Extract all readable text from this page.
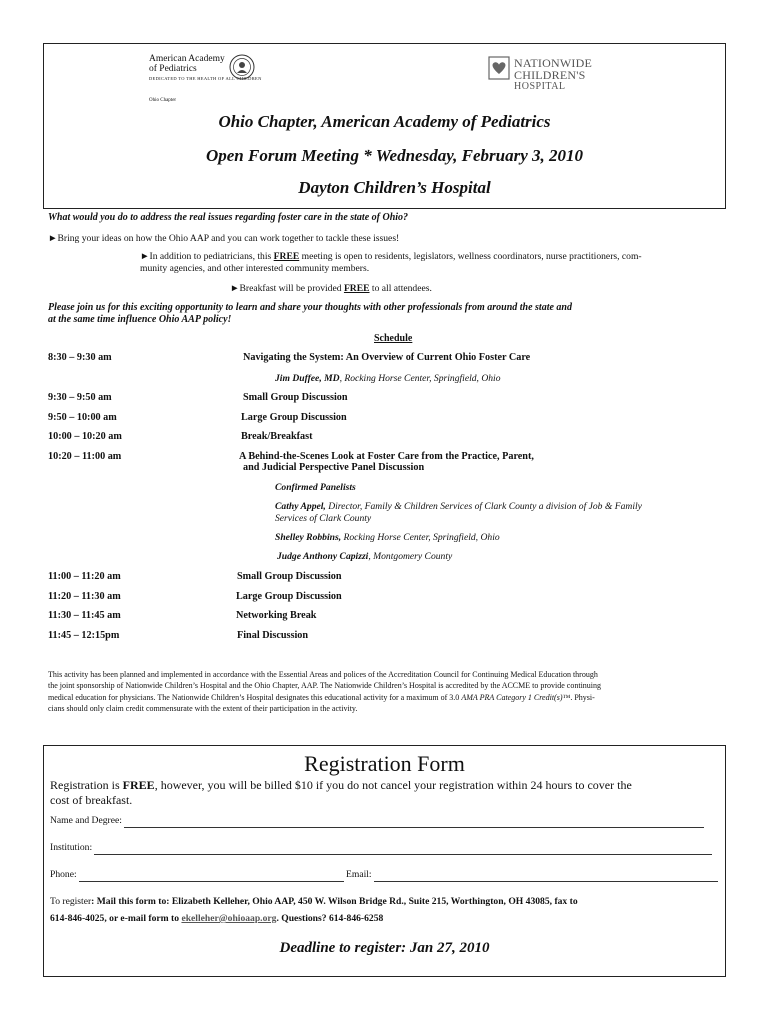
American Academy
of Pediatrics
DEDICATED TO THE HEALTH OF ALL CHILDREN
Ohio Chapter
NATIONWIDE
CHILDREN'S
HOSPITAL
Ohio Chapter, American Academy of Pediatrics
Open Forum Meeting * Wednesday, February 3, 2010
Dayton Children’s Hospital
What would you do to address the real issues regarding foster care in the state of Ohio?
►Bring your ideas on how the Ohio AAP and you can work together to tackle these issues!
►In addition to pediatricians, this FREE meeting is open to residents, legislators, wellness coordinators, nurse practitioners, com-
munity agencies, and other interested community members.
►Breakfast will be provided FREE to all attendees.
Please join us for this exciting opportunity to learn and share your thoughts with other professionals from around the state and
at the same time influence Ohio AAP policy!
Schedule
8:30 – 9:30 am	Navigating the System: An Overview of Current Ohio Foster Care
Jim Duffee, MD, Rocking Horse Center, Springfield, Ohio
9:30 – 9:50 am	Small Group Discussion
9:50 – 10:00 am	Large Group Discussion
10:00 – 10:20 am	Break/Breakfast
10:20 – 11:00 am	A Behind-the-Scenes Look at Foster Care from the Practice, Parent,
and Judicial Perspective Panel Discussion
Confirmed Panelists
Cathy Appel, Director, Family & Children Services of Clark County a division of Job & Family
Services of Clark County
Shelley Robbins, Rocking Horse Center, Springfield, Ohio
Judge Anthony Capizzi, Montgomery County
11:00 – 11:20 am	Small Group Discussion
11:20 – 11:30 am	Large Group Discussion
11:30 – 11:45 am	Networking Break
11:45 – 12:15pm	Final Discussion
This activity has been planned and implemented in accordance with the Essential Areas and polices of the Accreditation Council for Continuing Medical Education through
the joint sponsorship of Nationwide Children’s Hospital and the Ohio Chapter, AAP. The Nationwide Children’s Hospital is accredited by the ACCME to provide continuing
medical education for physicians. The Nationwide Children’s Hospital designates this educational activity for a maximum of 3.0 AMA PRA Category 1 Credit(s)™. Physi-
cians should only claim credit commensurate with the extent of their participation in the activity.
Registration Form
Registration is FREE, however, you will be billed $10 if you do not cancel your registration within 24 hours to cover the
cost of breakfast.
Name and Degree:
Institution:
Phone:	Email:
To register: Mail this form to: Elizabeth Kelleher, Ohio AAP, 450 W. Wilson Bridge Rd., Suite 215, Worthington, OH 43085, fax to
614-846-4025, or e-mail form to ekelleher@ohioaap.org. Questions? 614-846-6258
Deadline to register: Jan 27, 2010
